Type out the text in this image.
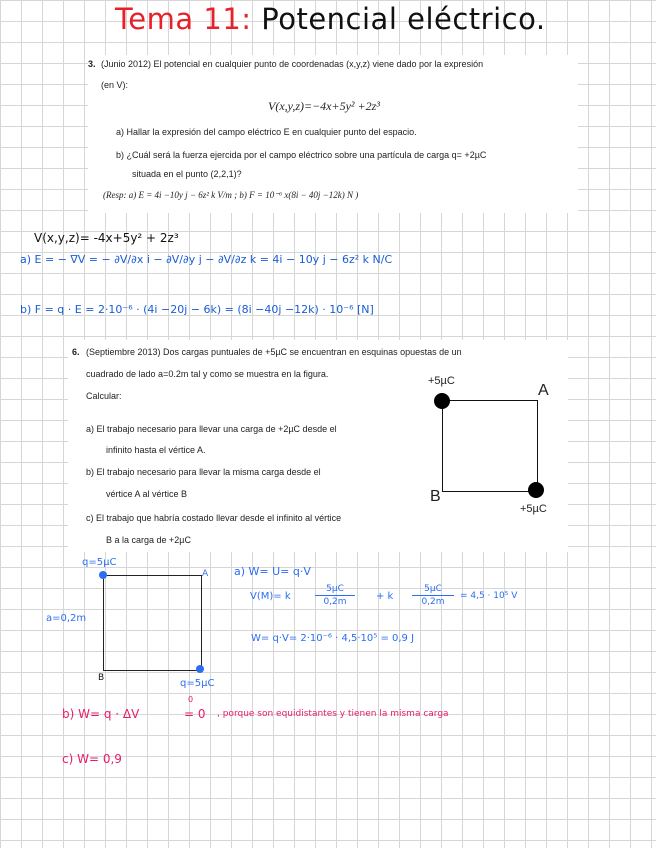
Tema 11: Potencial eléctrico.
3. (Junio 2012) El potencial en cualquier punto de coordenadas (x,y,z) viene dado por la expresión
(en V):
V(x,y,z)=−4x+5y² +2z³
a) Hallar la expresión del campo eléctrico E en cualquier punto del espacio.
b) ¿Cuál será la fuerza ejercida por el campo eléctrico sobre una partícula de carga q= +2µC
situada en el punto (2,2,1)?
(Resp: a) E = 4i −10y j − 6z² k V/m ; b) F = 10⁻⁶ x(8i − 40j −12k) N )
V(x,y,z)= -4x+5y² + 2z³
a) E = − ∇V = − ∂V/∂x i − ∂V/∂y j − ∂V/∂z k = 4i − 10y j − 6z² k N/C
b) F = q · E = 2·10⁻⁶ · (4i −20j − 6k) = (8i −40j −12k) · 10⁻⁶ [N]
6. (Septiembre 2013) Dos cargas puntuales de +5µC se encuentran en esquinas opuestas de un
cuadrado de lado a=0.2m tal y como se muestra en la figura.
Calcular:
a) El trabajo necesario para llevar una carga de +2µC desde el
infinito hasta el vértice A.
b) El trabajo necesario para llevar la misma carga desde el
vértice A al vértice B
c) El trabajo que habría costado llevar desde el infinito al vértice
B a la carga de +2µC
+5µC
A
B
+5µC
q=5µC
A
a=0,2m
B	q=5µC
a) W= U= q·V
V(M)= k
5µC
0,2m	+ k
5µC
0,2m
= 4,5 · 10⁵ V
W= q·V= 2·10⁻⁶ · 4,5·10⁵ = 0,9 J
b) W= q · ΔV
0
= 0 , porque son equidistantes y tienen la misma carga
c) W= 0,9
